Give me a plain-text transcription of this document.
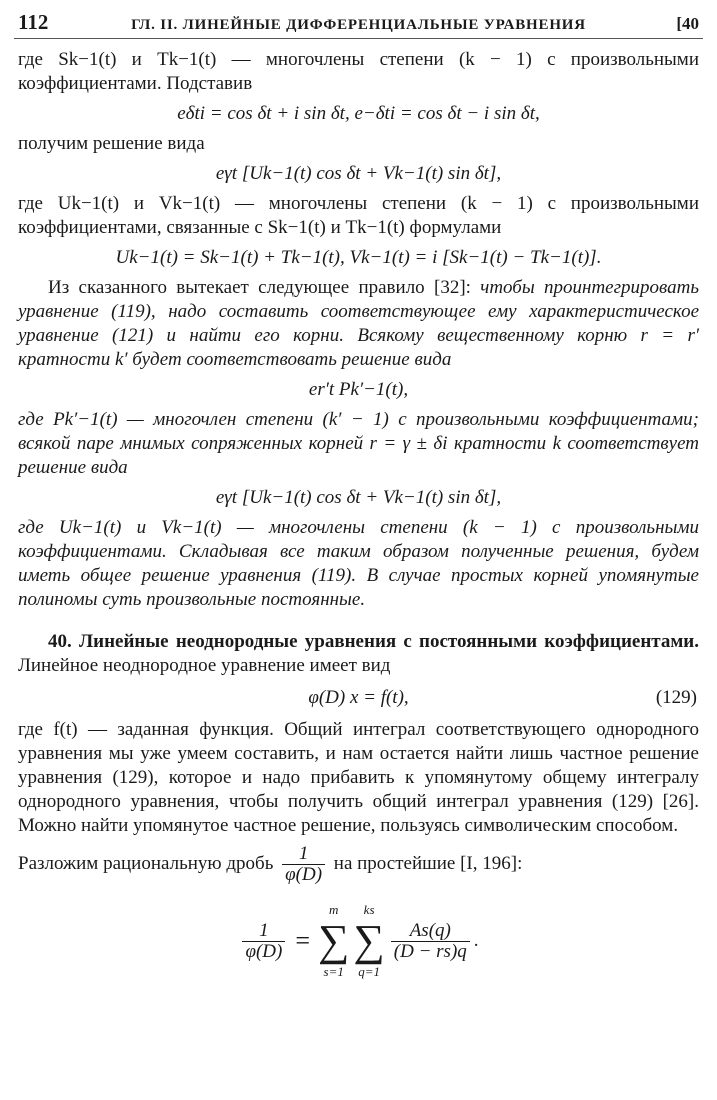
112	ГЛ. II. ЛИНЕЙНЫЕ ДИФФЕРЕНЦИАЛЬНЫЕ УРАВНЕНИЯ	[40

где Sk−1(t) и Tk−1(t) — многочлены степени (k − 1) с произвольными коэффициентами. Подставив

eδti = cos δt + i sin δt, e−δti = cos δt − i sin δt,

получим решение вида

eγt [Uk−1(t) cos δt + Vk−1(t) sin δt],

где Uk−1(t) и Vk−1(t) — многочлены степени (k − 1) с произвольными коэффициентами, связанные с Sk−1(t) и Tk−1(t) формулами

Uk−1(t) = Sk−1(t) + Tk−1(t), Vk−1(t) = i [Sk−1(t) − Tk−1(t)].

Из сказанного вытекает следующее правило [32]: чтобы проинтегрировать уравнение (119), надо составить соответствующее ему характеристическое уравнение (121) и найти его корни. Всякому вещественному корню r = r′ кратности k′ будет соответствовать решение вида

er′t Pk′−1(t),

где Pk′−1(t) — многочлен степени (k′ − 1) с произвольными коэффициентами; всякой паре мнимых сопряженных корней r = γ ± δi кратности k соответствует решение вида

eγt [Uk−1(t) cos δt + Vk−1(t) sin δt],

где Uk−1(t) и Vk−1(t) — многочлены степени (k − 1) с произвольными коэффициентами. Складывая все таким образом полученные решения, будем иметь общее решение уравнения (119). В случае простых корней упомянутые полиномы суть произвольные постоянные.

40. Линейные неоднородные уравнения с постоянными коэффициентами. Линейное неоднородное уравнение имеет вид

φ(D) x = f(t),	(129)

где f(t) — заданная функция. Общий интеграл соответствующего однородного уравнения мы уже умеем составить, и нам остается найти лишь частное решение уравнения (129), которое и надо прибавить к упомянутому общему интегралу однородного уравнения, чтобы получить общий интеграл уравнения (129) [26]. Можно найти упомянутое частное решение, пользуясь символическим способом.

Разложим рациональную дробь $\frac{1}{\varphi(D)}$ на простейшие [I, 196]:

$\frac{1}{\varphi(D)}$ =
m
∑
s=1
ks
∑
q=1
$\frac{As(q)}{(D - rs)q}$ .
